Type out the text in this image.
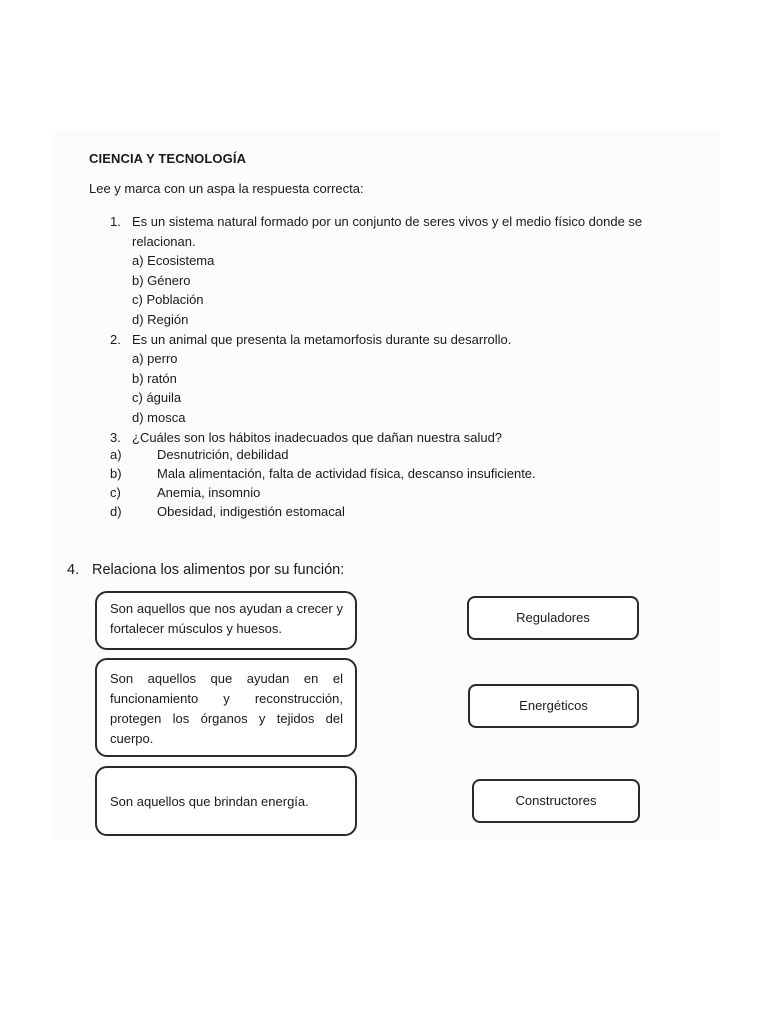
CIENCIA Y TECNOLOGÍA
Lee y marca con un aspa la respuesta correcta:
1. Es un sistema natural formado por un conjunto de seres vivos y el medio físico donde se relacionan.
a) Ecosistema
b) Género
c) Población
d) Región
2. Es un animal que presenta la metamorfosis durante su desarrollo.
a) perro
b) ratón
c) águila
d) mosca
3. ¿Cuáles son los hábitos inadecuados que dañan nuestra salud?
a)	Desnutrición, debilidad
b)	Mala alimentación, falta de actividad física, descanso insuficiente.
c)	Anemia, insomnio
d)	Obesidad, indigestión estomacal
4. Relaciona los alimentos por su función:
Son aquellos que nos ayudan a crecer y fortalecer músculos y huesos.
Son aquellos que ayudan en el funcionamiento y reconstrucción, protegen los órganos y tejidos del cuerpo.
Son aquellos que brindan energía.
Reguladores
Energéticos
Constructores
